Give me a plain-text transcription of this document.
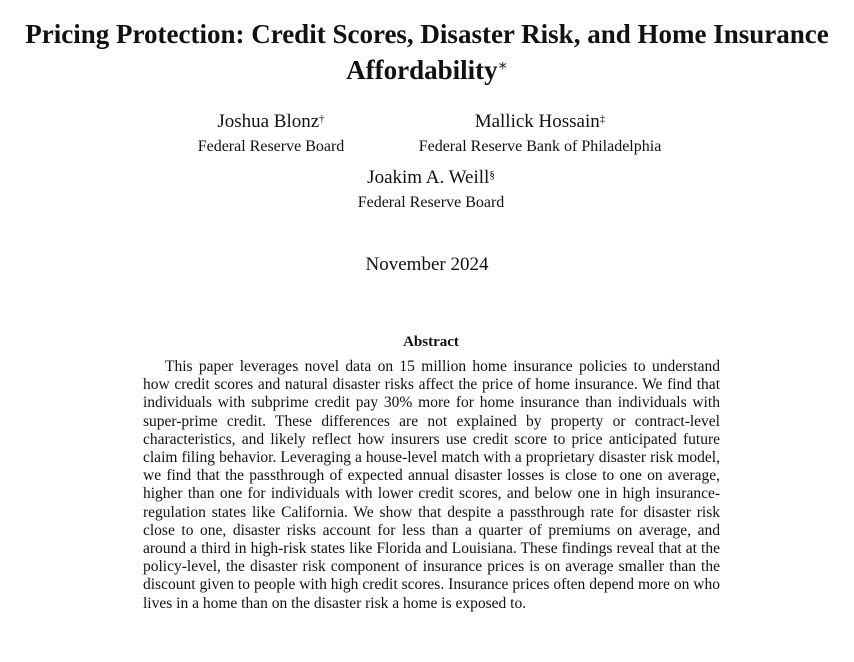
Pricing Protection: Credit Scores, Disaster Risk, and Home Insurance Affordability∗
Joshua Blonz†
Federal Reserve Board
Mallick Hossain‡
Federal Reserve Bank of Philadelphia
Joakim A. Weill§
Federal Reserve Board
November 2024
Abstract

This paper leverages novel data on 15 million home insurance policies to understand how credit scores and natural disaster risks affect the price of home insurance. We find that individuals with subprime credit pay 30% more for home insurance than individuals with super-prime credit. These differences are not explained by property or contract-level characteristics, and likely reflect how insurers use credit score to price anticipated future claim filing behavior. Leveraging a house-level match with a proprietary disaster risk model, we find that the passthrough of expected annual disaster losses is close to one on average, higher than one for individuals with lower credit scores, and below one in high insurance-regulation states like California. We show that despite a passthrough rate for disaster risk close to one, disaster risks account for less than a quarter of premiums on average, and around a third in high-risk states like Florida and Louisiana. These findings reveal that at the policy-level, the disaster risk component of insurance prices is on average smaller than the discount given to people with high credit scores. Insurance prices often depend more on who lives in a home than on the disaster risk a home is exposed to.
